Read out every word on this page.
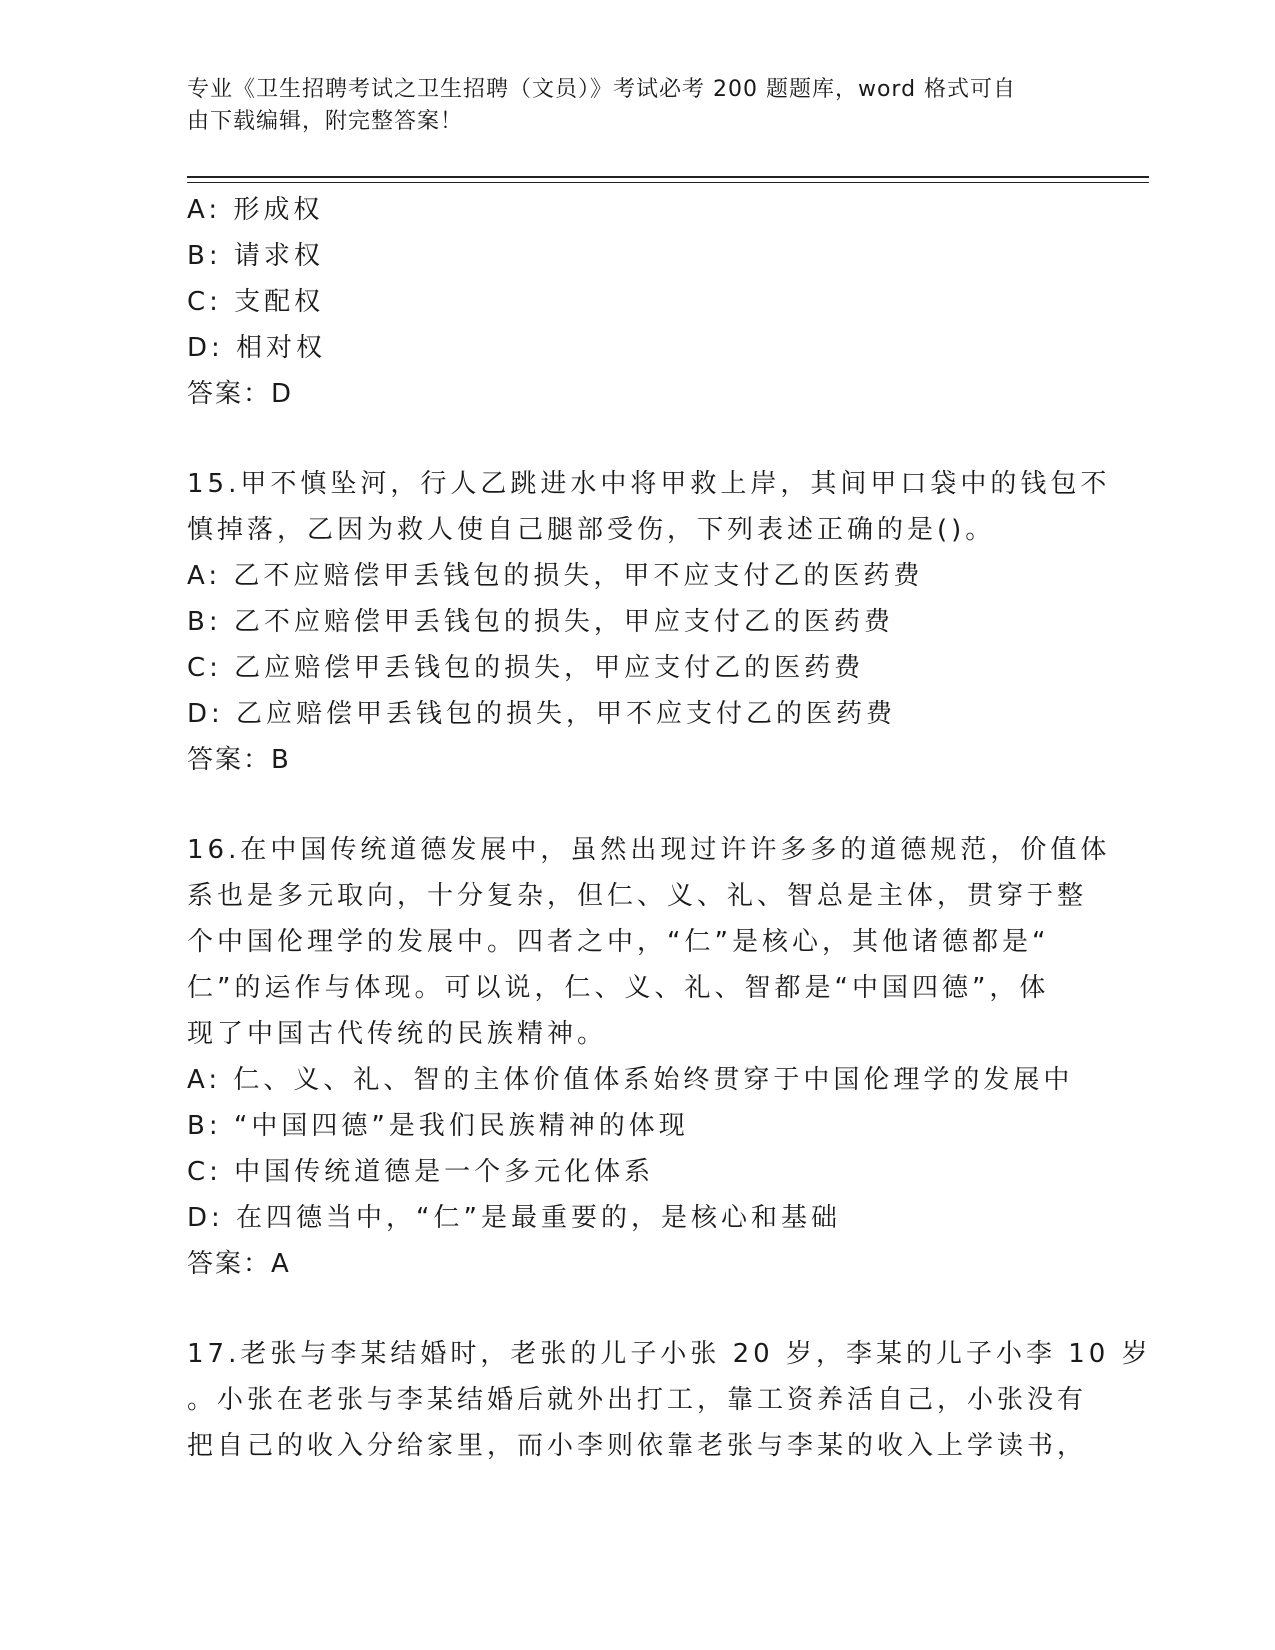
专业《卫生招聘考试之卫生招聘（文员）》考试必考 200 题题库，word 格式可自
由下载编辑，附完整答案！

A: 形成权

B: 请求权

C: 支配权

D: 相对权

答案：D

15.甲不慎坠河，行人乙跳进水中将甲救上岸，其间甲口袋中的钱包不

慎掉落，乙因为救人使自己腿部受伤，下列表述正确的是()。

A: 乙不应赔偿甲丢钱包的损失，甲不应支付乙的医药费

B: 乙不应赔偿甲丢钱包的损失，甲应支付乙的医药费

C: 乙应赔偿甲丢钱包的损失，甲应支付乙的医药费

D: 乙应赔偿甲丢钱包的损失，甲不应支付乙的医药费

答案：B

16.在中国传统道德发展中，虽然出现过许许多多的道德规范，价值体

系也是多元取向，十分复杂，但仁、义、礼、智总是主体，贯穿于整

个中国伦理学的发展中。四者之中，“仁”是核心，其他诸德都是“

仁”的运作与体现。可以说，仁、义、礼、智都是“中国四德”，体

现了中国古代传统的民族精神。

A: 仁、义、礼、智的主体价值体系始终贯穿于中国伦理学的发展中

B: “中国四德”是我们民族精神的体现

C: 中国传统道德是一个多元化体系

D: 在四德当中，“仁”是最重要的，是核心和基础

答案：A

17.老张与李某结婚时，老张的儿子小张 20 岁，李某的儿子小李 10 岁

。小张在老张与李某结婚后就外出打工，靠工资养活自己，小张没有

把自己的收入分给家里，而小李则依靠老张与李某的收入上学读书，
